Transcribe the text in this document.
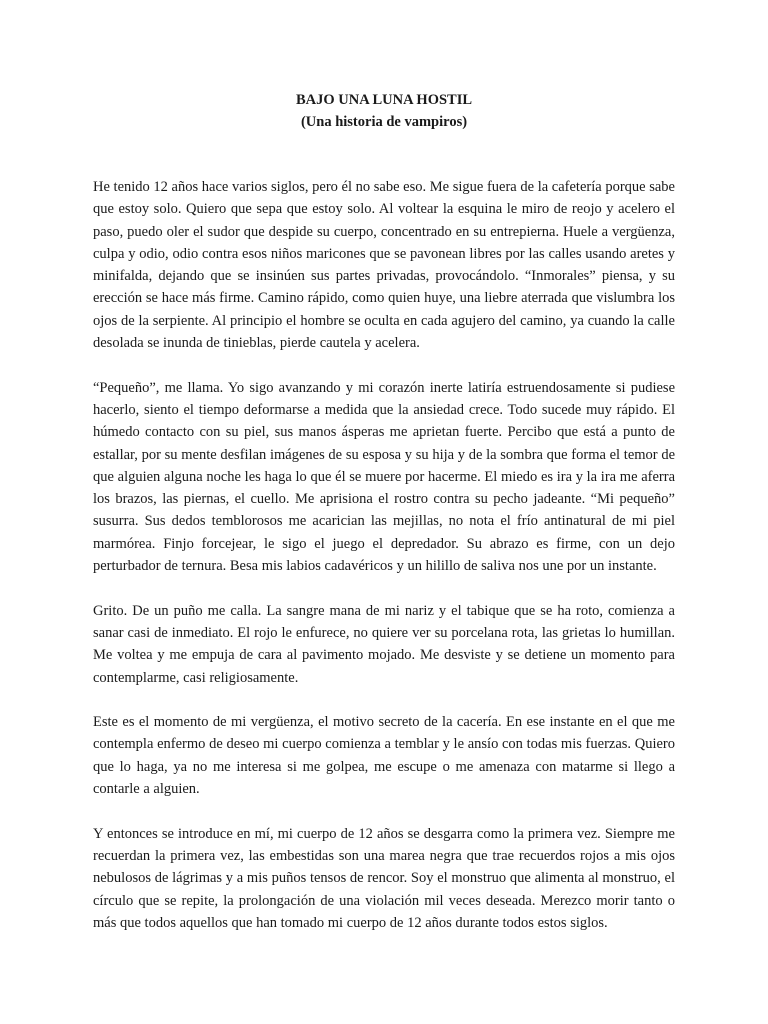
BAJO UNA LUNA HOSTIL
(Una historia de vampiros)

He tenido 12 años hace varios siglos, pero él no sabe eso. Me sigue fuera de la cafetería porque sabe que estoy solo. Quiero que sepa que estoy solo. Al voltear la esquina le miro de reojo y acelero el paso, puedo oler el sudor que despide su cuerpo, concentrado en su entrepierna. Huele a vergüenza, culpa y odio, odio contra esos niños maricones que se pavonean libres por las calles usando aretes y minifalda, dejando que se insinúen sus partes privadas, provocándolo. “Inmorales” piensa, y su erección se hace más firme. Camino rápido, como quien huye, una liebre aterrada que vislumbra los ojos de la serpiente. Al principio el hombre se oculta en cada agujero del camino, ya cuando la calle desolada se inunda de tinieblas, pierde cautela y acelera.

“Pequeño”, me llama. Yo sigo avanzando y mi corazón inerte latiría estruendosamente si pudiese hacerlo, siento el tiempo deformarse a medida que la ansiedad crece. Todo sucede muy rápido. El húmedo contacto con su piel, sus manos ásperas me aprietan fuerte. Percibo que está a punto de estallar, por su mente desfilan imágenes de su esposa y su hija y de la sombra que forma el temor de que alguien alguna noche les haga lo que él se muere por hacerme. El miedo es ira y la ira me aferra los brazos, las piernas, el cuello. Me aprisiona el rostro contra su pecho jadeante. “Mi pequeño” susurra. Sus dedos temblorosos me acarician las mejillas, no nota el frío antinatural de mi piel marmórea. Finjo forcejear, le sigo el juego el depredador. Su abrazo es firme, con un dejo perturbador de ternura. Besa mis labios cadavéricos y un hilillo de saliva nos une por un instante.

Grito. De un puño me calla. La sangre mana de mi nariz y el tabique que se ha roto, comienza a sanar casi de inmediato. El rojo le enfurece, no quiere ver su porcelana rota, las grietas lo humillan. Me voltea y me empuja de cara al pavimento mojado. Me desviste y se detiene un momento para contemplarme, casi religiosamente.

Este es el momento de mi vergüenza, el motivo secreto de la cacería. En ese instante en el que me contempla enfermo de deseo mi cuerpo comienza a temblar y le ansío con todas mis fuerzas. Quiero que lo haga, ya no me interesa si me golpea, me escupe o me amenaza con matarme si llego a contarle a alguien.

Y entonces se introduce en mí, mi cuerpo de 12 años se desgarra como la primera vez. Siempre me recuerdan la primera vez, las embestidas son una marea negra que trae recuerdos rojos a mis ojos nebulosos de lágrimas y a mis puños tensos de rencor. Soy el monstruo que alimenta al monstruo, el círculo que se repite, la prolongación de una violación mil veces deseada. Merezco morir tanto o más que todos aquellos que han tomado mi cuerpo de 12 años durante todos estos siglos.
